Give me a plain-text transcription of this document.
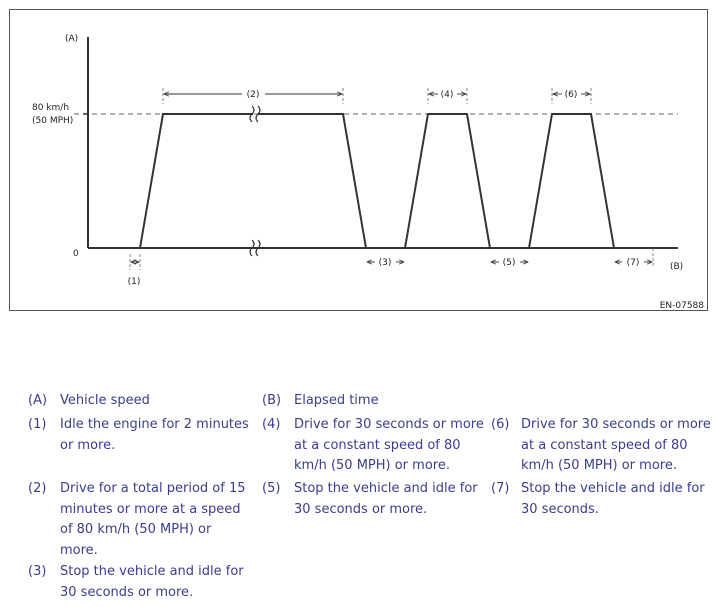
(2)	(4)	(6)
(1)
(3)	(5)	(7)
(A)
(B)
80 km/h
(50 MPH)
0
EN-07588
(A) Vehicle speed	(B) Elapsed time
(1) Idle the engine for 2 minutes or more.
(4) Drive for 30 seconds or more at a constant speed of 80 km/h (50 MPH) or more.
(6) Drive for 30 seconds or more at a constant speed of 80 km/h (50 MPH) or more.
(2) Drive for a total period of 15 minutes or more at a speed of 80 km/h (50 MPH) or more.
(5) Stop the vehicle and idle for 30 seconds or more.
(7) Stop the vehicle and idle for 30 seconds.
(3) Stop the vehicle and idle for 30 seconds or more.
